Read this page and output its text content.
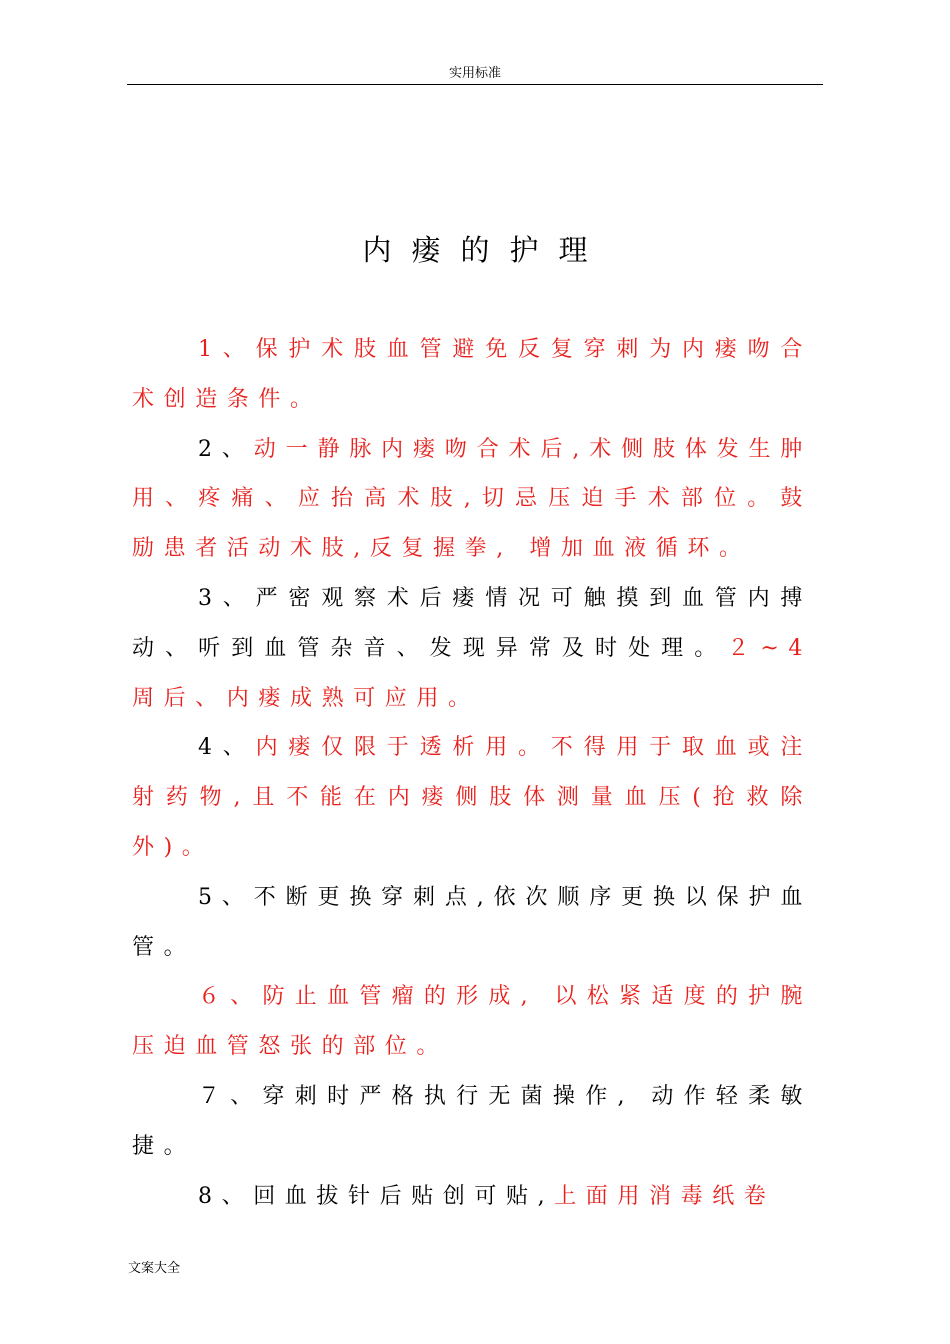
实用标准
内瘘的护理

1、保护术肢血管避免反复穿刺为内瘘吻合术创造条件。

2、动一静脉内瘘吻合术后,术侧肢体发生肿用、疼痛、应抬高术肢,切忌压迫手术部位。鼓励患者活动术肢,反复握拳, 增加血液循环。

3、严密观察术后瘘情况可触摸到血管内搏动、听到血管杂音、发现异常及时处理。２~4周后、内瘘成熟可应用。

4、内瘘仅限于透析用。不得用于取血或注射药物,且不能在内瘘侧肢体测量血压(抢救除外)。

5、不断更换穿刺点,依次顺序更换以保护血管。

６、防止血管瘤的形成, 以松紧适度的护腕压迫血管怒张的部位。

７、穿刺时严格执行无菌操作, 动作轻柔敏捷。

8、回血拔针后贴创可贴,上面用消毒纸卷

文案大全
